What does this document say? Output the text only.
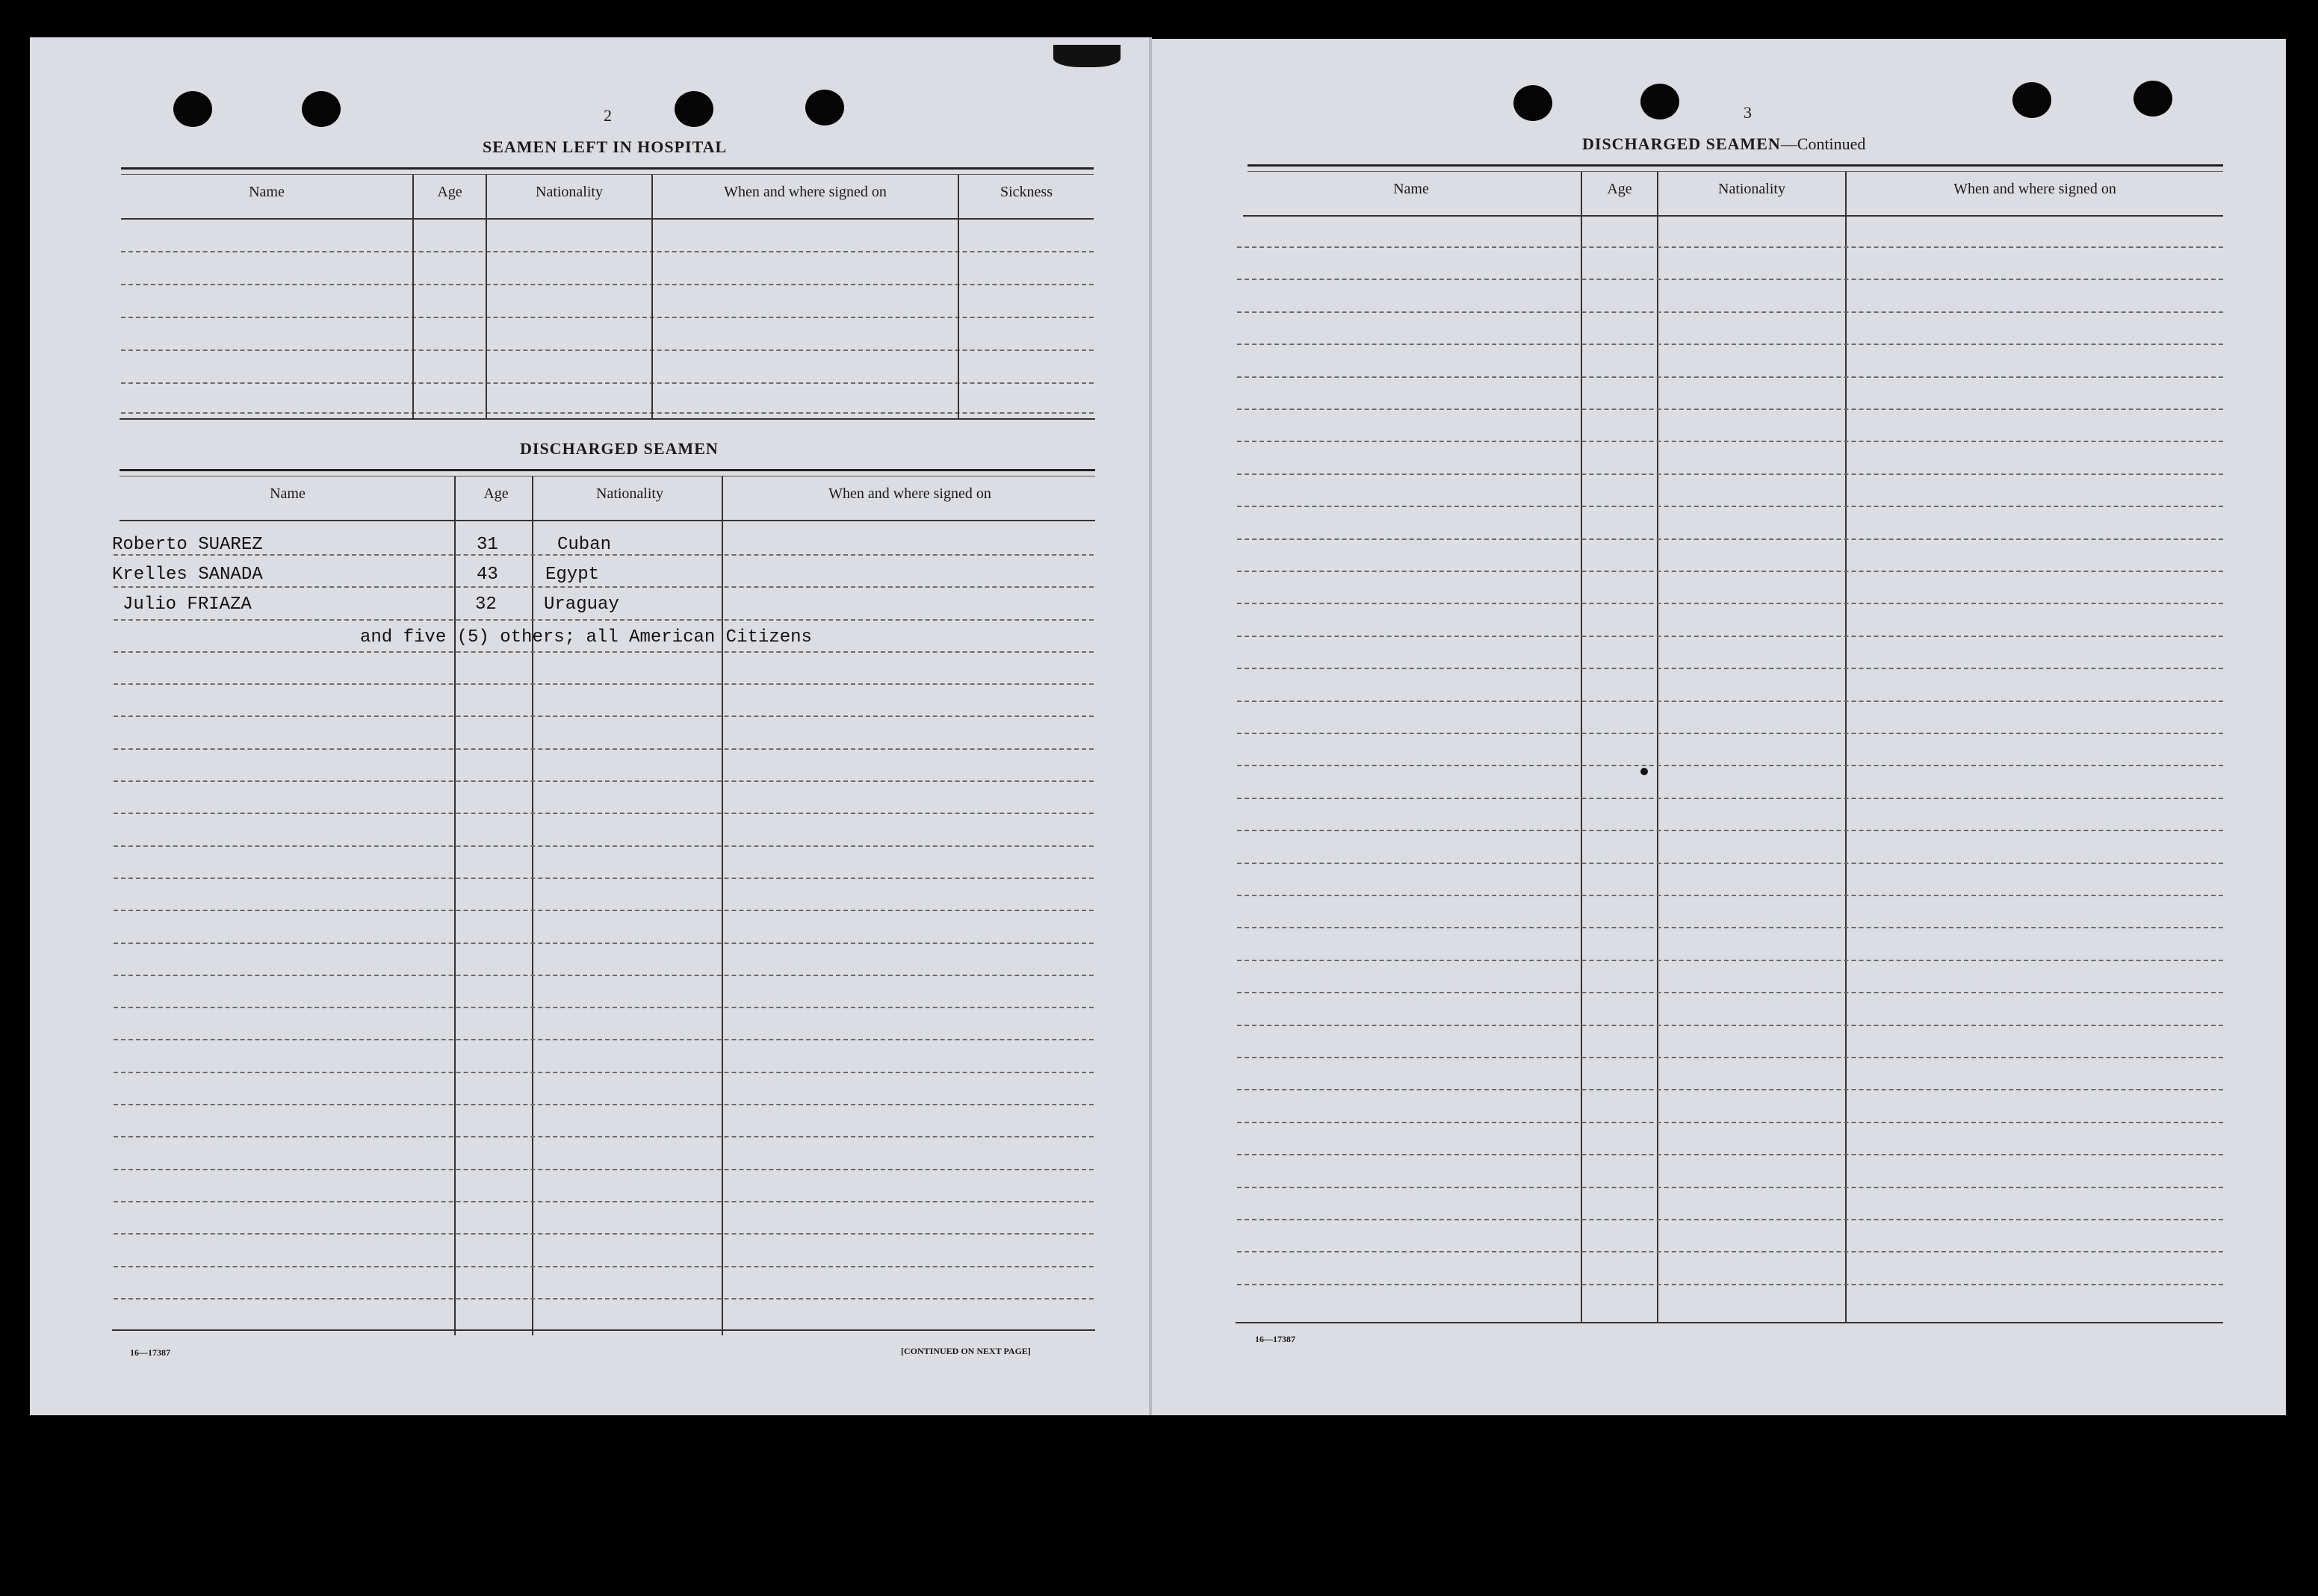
2
SEAMEN LEFT IN HOSPITAL
Name	Age	Nationality	When and where signed on	Sickness
DISCHARGED SEAMEN
Name	Age	Nationality	When and where signed on
Roberto SUAREZ	31	Cuban
Krelles SANADA	43	Egypt
Julio FRIAZA	32	Uraguay
and five (5) others; all American Citizens
16—17387	[CONTINUED ON NEXT PAGE]
3
DISCHARGED SEAMEN—Continued
Name	Age	Nationality	When and where signed on
16—17387
